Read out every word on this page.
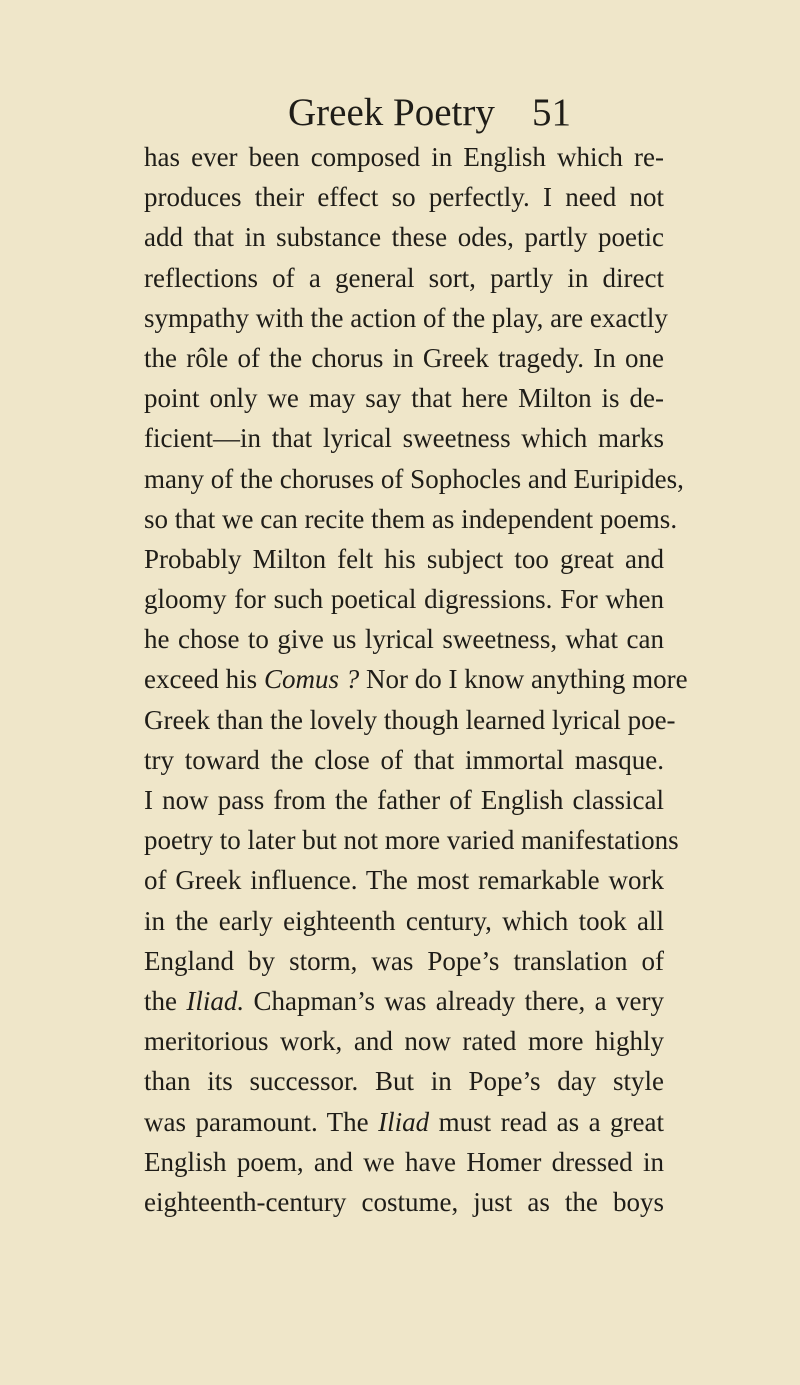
Greek Poetry 51
has ever been composed in English which re-
produces their effect so perfectly. I need not
add that in substance these odes, partly poetic
reflections of a general sort, partly in direct
sympathy with the action of the play, are exactly
the rôle of the chorus in Greek tragedy. In one
point only we may say that here Milton is de-
ficient—in that lyrical sweetness which marks
many of the choruses of Sophocles and Euripides,
so that we can recite them as independent poems.
Probably Milton felt his subject too great and
gloomy for such poetical digressions. For when
he chose to give us lyrical sweetness, what can
exceed his Comus ? Nor do I know anything more
Greek than the lovely though learned lyrical poe-
try toward the close of that immortal masque.
I now pass from the father of English classical
poetry to later but not more varied manifestations
of Greek influence. The most remarkable work
in the early eighteenth century, which took all
England by storm, was Pope’s translation of
the Iliad. Chapman’s was already there, a very
meritorious work, and now rated more highly
than its successor. But in Pope’s day style
was paramount. The Iliad must read as a great
English poem, and we have Homer dressed in
eighteenth-century costume, just as the boys
